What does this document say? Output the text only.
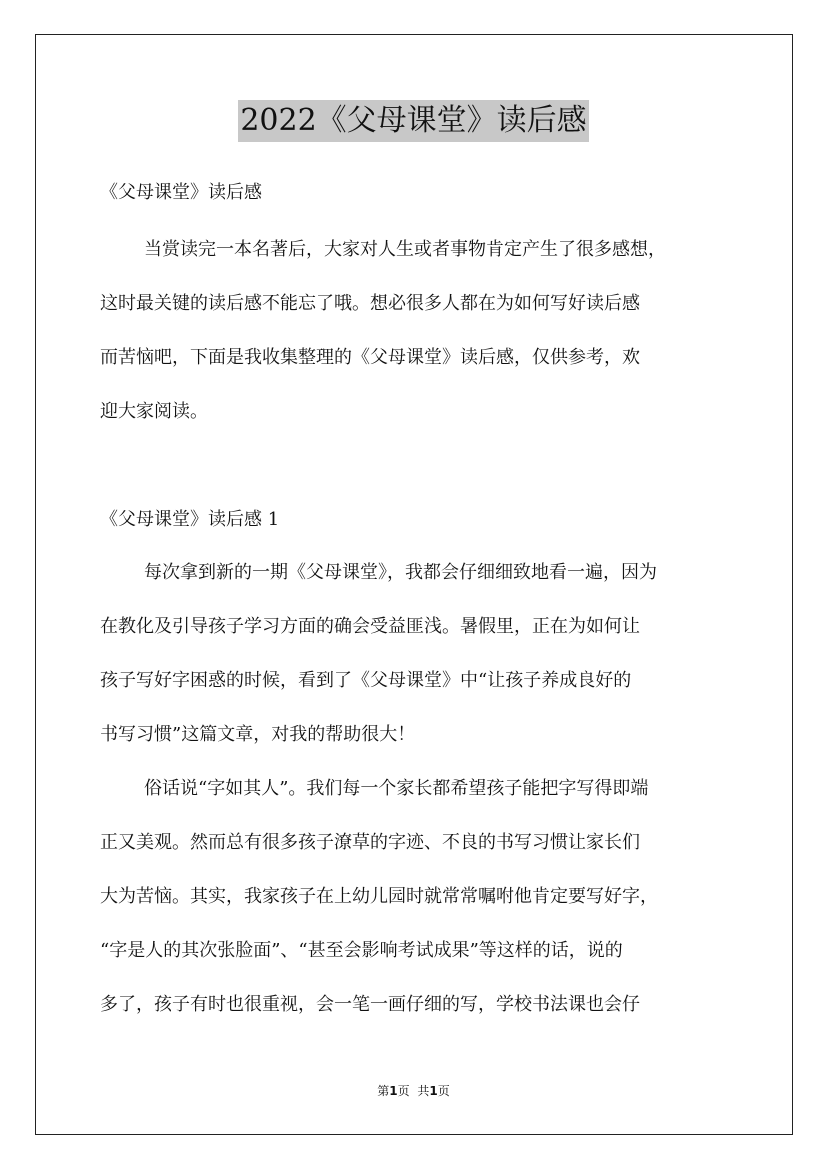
2022《父母课堂》读后感
《父母课堂》读后感
当赏读完一本名著后，大家对人生或者事物肯定产生了很多感想，
这时最关键的读后感不能忘了哦。想必很多人都在为如何写好读后感
而苦恼吧，下面是我收集整理的《父母课堂》读后感，仅供参考，欢
迎大家阅读。
《父母课堂》读后感 1
每次拿到新的一期《父母课堂》，我都会仔细细致地看一遍，因为
在教化及引导孩子学习方面的确会受益匪浅。暑假里，正在为如何让
孩子写好字困惑的时候，看到了《父母课堂》中“让孩子养成良好的
书写习惯”这篇文章，对我的帮助很大！
俗话说“字如其人”。我们每一个家长都希望孩子能把字写得即端
正又美观。然而总有很多孩子潦草的字迹、不良的书写习惯让家长们
大为苦恼。其实，我家孩子在上幼儿园时就常常嘱咐他肯定要写好字，
“字是人的其次张脸面”、“甚至会影响考试成果”等这样的话，说的
多了，孩子有时也很重视，会一笔一画仔细的写，学校书法课也会仔
第1页 共1页
